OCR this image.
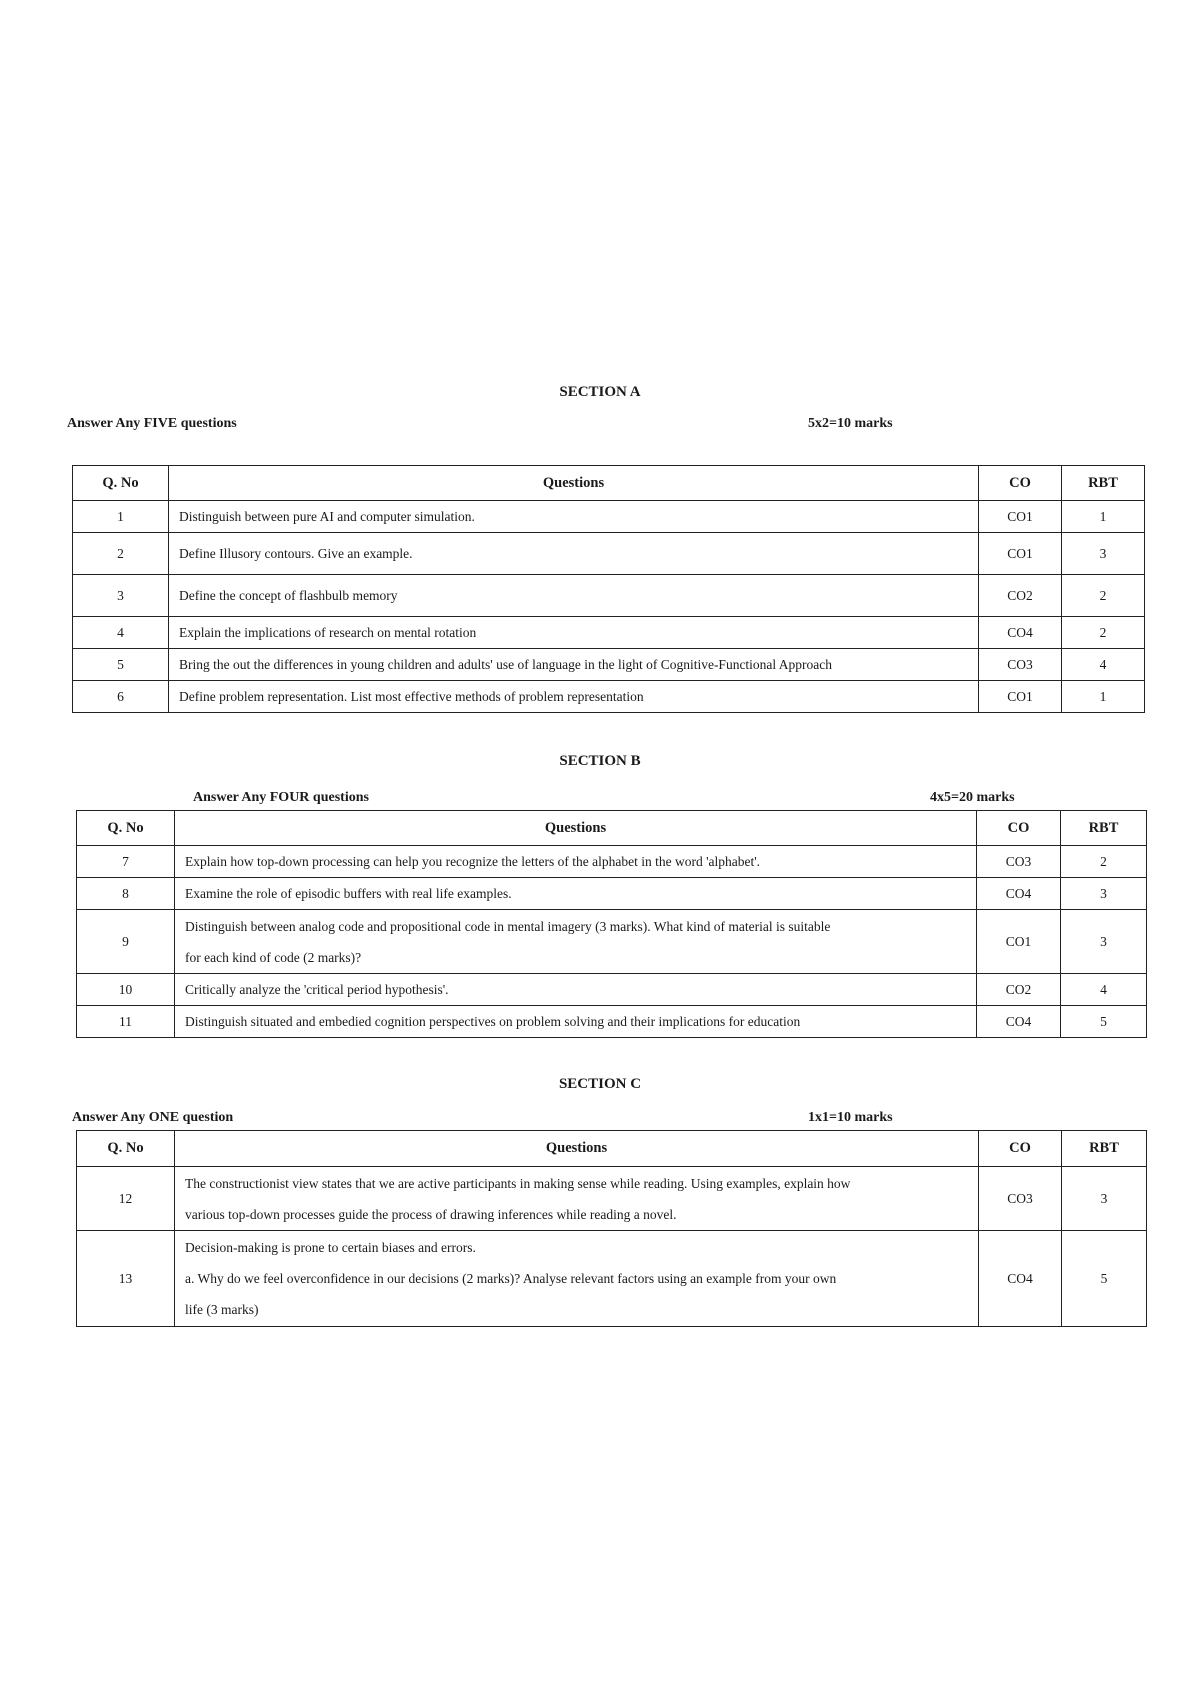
SECTION A
Answer Any FIVE questions	5x2=10 marks
Q. No	Questions	CO	RBT
1	Distinguish between pure AI and computer simulation.	CO1	1
2	Define Illusory contours. Give an example.	CO1	3
3	Define the concept of flashbulb memory	CO2	2
4	Explain the implications of research on mental rotation	CO4	2
5	Bring the out the differences in young children and adults' use of language in the light of Cognitive-Functional Approach	CO3	4
6	Define problem representation. List most effective methods of problem representation	CO1	1
SECTION B
Answer Any FOUR questions	4x5=20 marks
Q. No	Questions	CO	RBT
7	Explain how top-down processing can help you recognize the letters of the alphabet in the word 'alphabet'.	CO3	2
8	Examine the role of episodic buffers with real life examples.	CO4	3
9	Distinguish between analog code and propositional code in mental imagery (3 marks). What kind of material is suitable
for each kind of code (2 marks)?	CO1	3
10	Critically analyze the 'critical period hypothesis'.	CO2	4
11	Distinguish situated and embedied cognition perspectives on problem solving and their implications for education	CO4	5
SECTION C
Answer Any ONE question	1x1=10 marks
Q. No	Questions	CO	RBT
12	The constructionist view states that we are active participants in making sense while reading. Using examples, explain how
various top-down processes guide the process of drawing inferences while reading a novel.	CO3	3
13	Decision-making is prone to certain biases and errors.
a. Why do we feel overconfidence in our decisions (2 marks)? Analyse relevant factors using an example from your own
life (3 marks)	CO4	5
